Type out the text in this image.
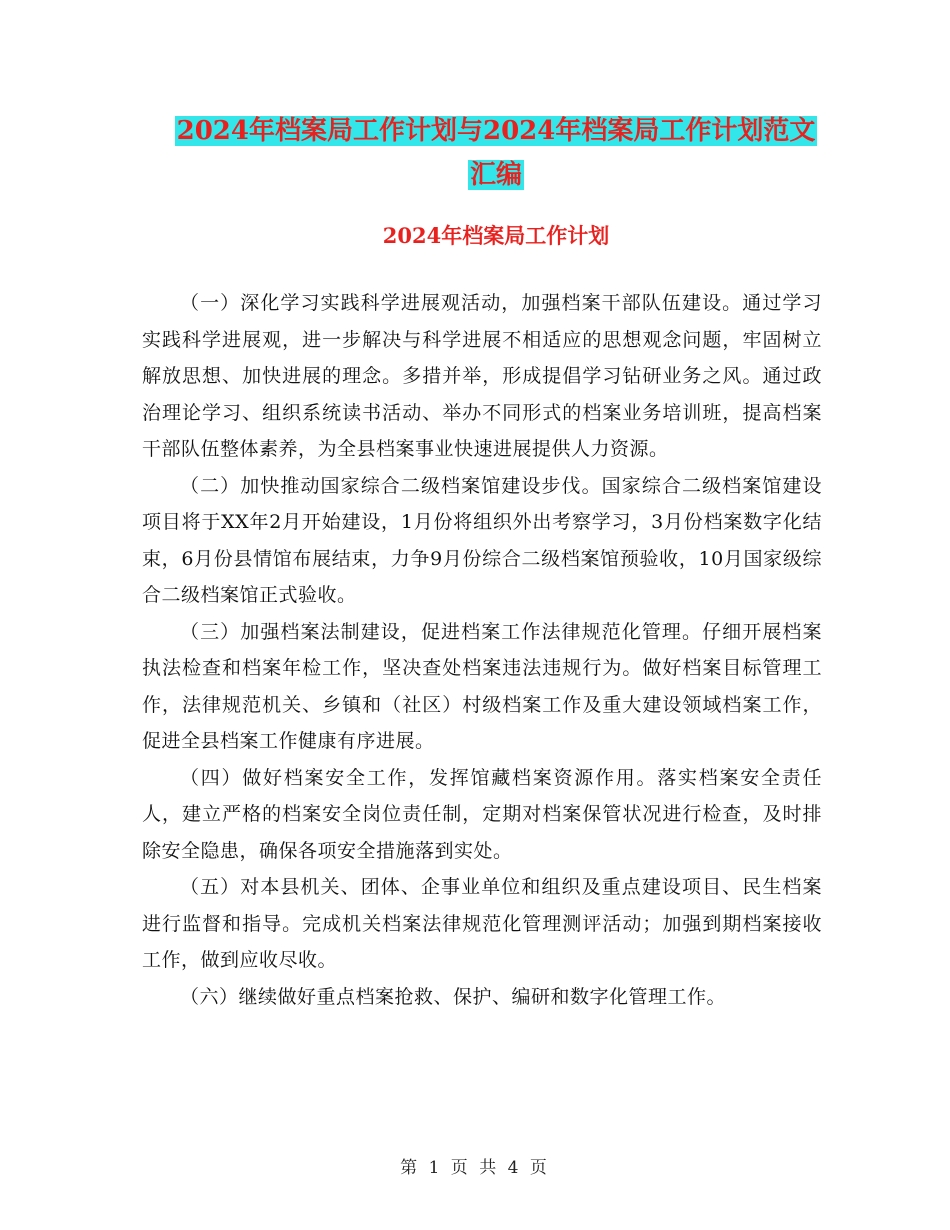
2024年档案局工作计划与2024年档案局工作计划范文
汇编
2024年档案局工作计划

（一）深化学习实践科学进展观活动，加强档案干部队伍建设。通过学习实践科学进展观，进一步解决与科学进展不相适应的思想观念问题，牢固树立解放思想、加快进展的理念。多措并举，形成提倡学习钻研业务之风。通过政治理论学习、组织系统读书活动、举办不同形式的档案业务培训班，提高档案干部队伍整体素养，为全县档案事业快速进展提供人力资源。

（二）加快推动国家综合二级档案馆建设步伐。国家综合二级档案馆建设项目将于XX年2月开始建设，1月份将组织外出考察学习，3月份档案数字化结束，6月份县情馆布展结束，力争9月份综合二级档案馆预验收，10月国家级综合二级档案馆正式验收。

（三）加强档案法制建设，促进档案工作法律规范化管理。仔细开展档案执法检查和档案年检工作，坚决查处档案违法违规行为。做好档案目标管理工作，法律规范机关、乡镇和（社区）村级档案工作及重大建设领域档案工作，促进全县档案工作健康有序进展。

（四）做好档案安全工作，发挥馆藏档案资源作用。落实档案安全责任人，建立严格的档案安全岗位责任制，定期对档案保管状况进行检查，及时排除安全隐患，确保各项安全措施落到实处。

（五）对本县机关、团体、企事业单位和组织及重点建设项目、民生档案进行监督和指导。完成机关档案法律规范化管理测评活动；加强到期档案接收工作，做到应收尽收。

（六）继续做好重点档案抢救、保护、编研和数字化管理工作。

第 1 页 共 4 页
